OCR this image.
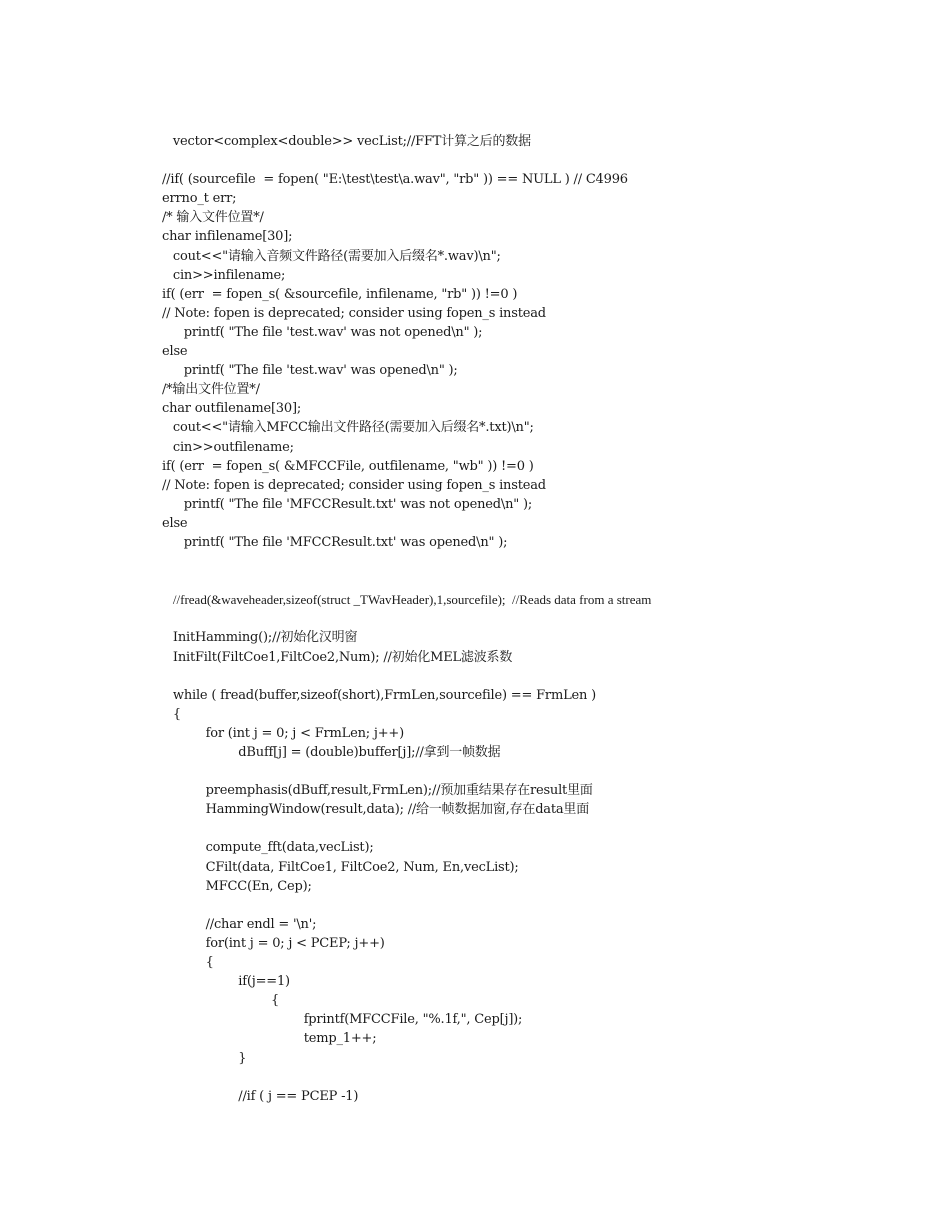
vector<complex<double>> vecList;//FFT计算之后的数据
//if( (sourcefile  = fopen( "E:\test\test\a.wav", "rb" )) == NULL ) // C4996
errno_t err;
/* 输入文件位置*/
char infilename[30];
cout<<"请输入音频文件路径(需要加入后缀名*.wav)\n";
cin>>infilename;
if( (err  = fopen_s( &sourcefile, infilename, "rb" )) !=0 )
// Note: fopen is deprecated; consider using fopen_s instead
printf( "The file 'test.wav' was not opened\n" );
else
printf( "The file 'test.wav' was opened\n" );
/*输出文件位置*/
char outfilename[30];
cout<<"请输入MFCC输出文件路径(需要加入后缀名*.txt)\n";
cin>>outfilename;
if( (err  = fopen_s( &MFCCFile, outfilename, "wb" )) !=0 )
// Note: fopen is deprecated; consider using fopen_s instead
printf( "The file 'MFCCResult.txt' was not opened\n" );
else
printf( "The file 'MFCCResult.txt' was opened\n" );
//fread(&waveheader,sizeof(struct _TWavHeader),1,sourcefile);  //Reads data from a stream
InitHamming();//初始化汉明窗
InitFilt(FiltCoe1,FiltCoe2,Num); //初始化MEL滤波系数
while ( fread(buffer,sizeof(short),FrmLen,sourcefile) == FrmLen )
{
for (int j = 0; j < FrmLen; j++)
dBuff[j] = (double)buffer[j];//拿到一帧数据
preemphasis(dBuff,result,FrmLen);//预加重结果存在result里面
HammingWindow(result,data); //给一帧数据加窗,存在data里面
compute_fft(data,vecList);
CFilt(data, FiltCoe1, FiltCoe2, Num, En,vecList);
MFCC(En, Cep);
//char endl = '\n';
for(int j = 0; j < PCEP; j++)
{
if(j==1)
{
fprintf(MFCCFile, "%.1f,", Cep[j]);
temp_1++;
}
//if ( j == PCEP -1)
